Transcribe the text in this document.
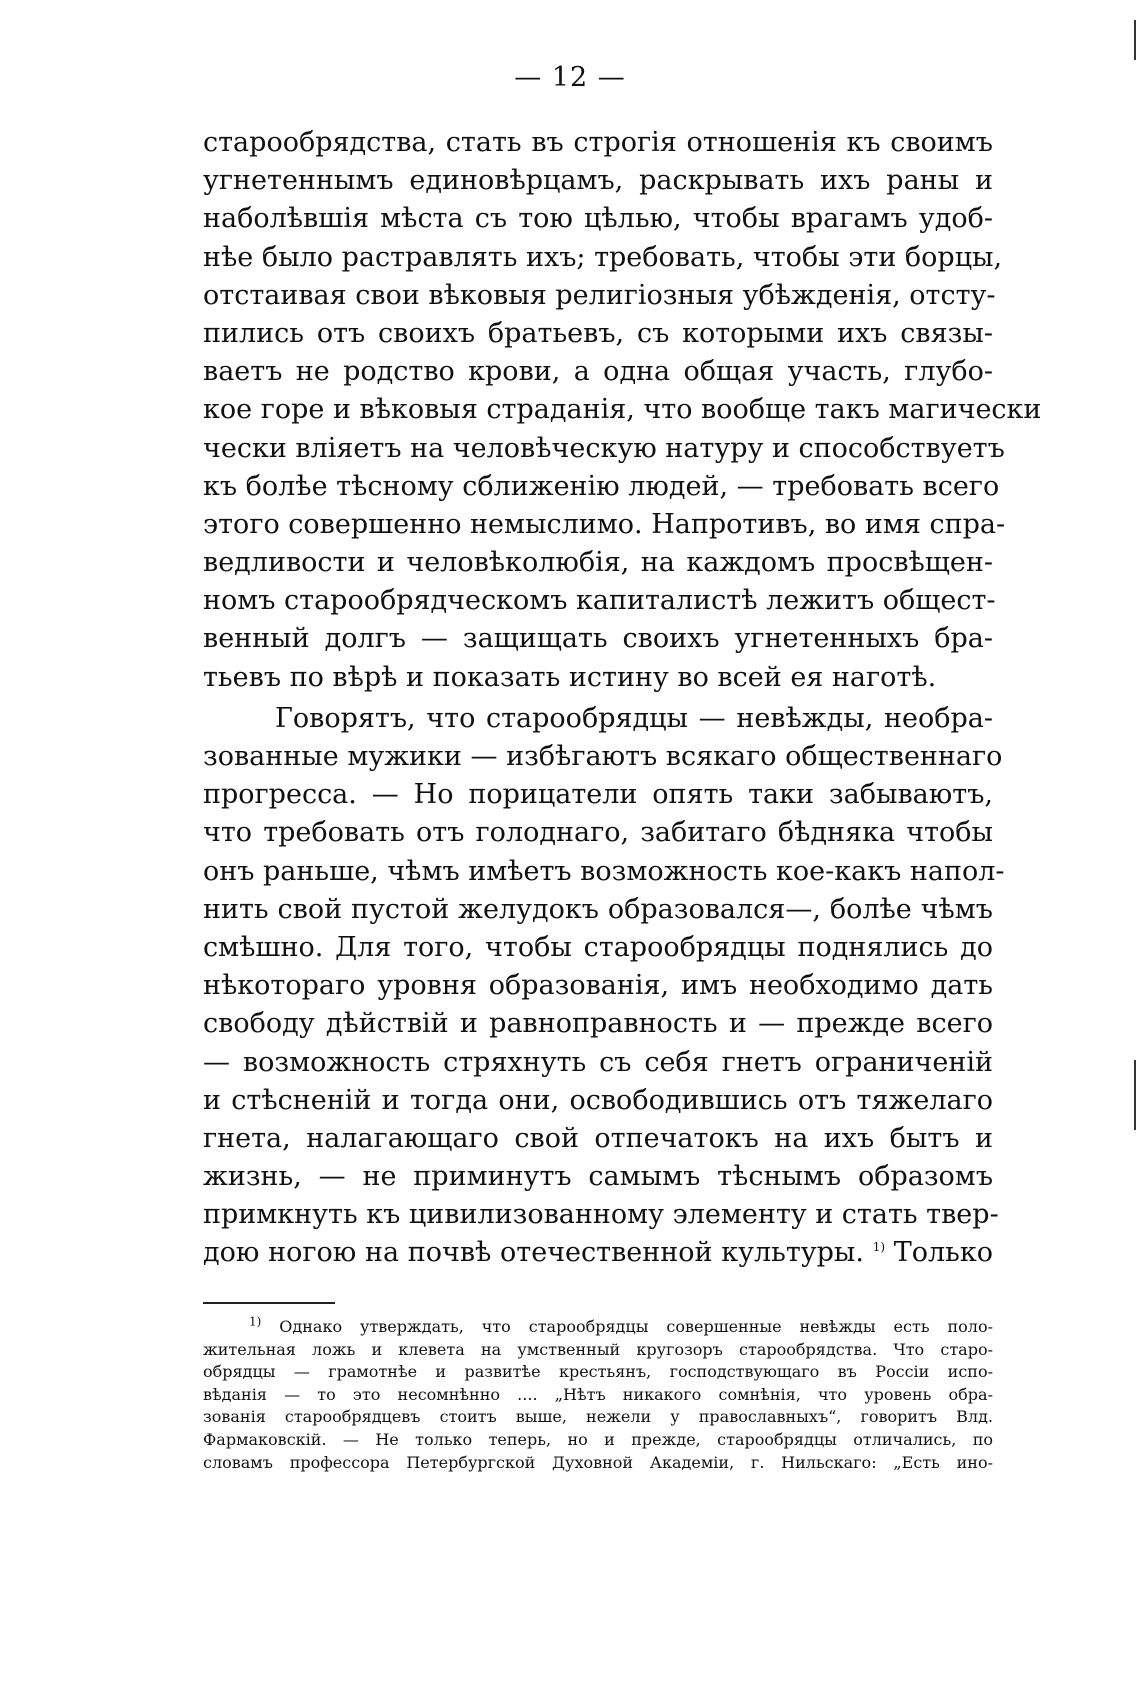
— 12 —
старообрядства, стать въ строгія отношенія къ своимъ
угнетеннымъ единовѣрцамъ, раскрывать ихъ раны и
наболѣвшія мѣста съ тою цѣлью, чтобы врагамъ удоб-
нѣе было растравлять ихъ; требовать, чтобы эти борцы,
отстаивая свои вѣковыя религіозныя убѣжденія, отсту-
пились отъ своихъ братьевъ, съ которыми ихъ связы-
ваетъ не родство крови, а одна общая участь, глубо-
кое горе и вѣковыя страданія, что вообще такъ магически
чески вліяетъ на человѣческую натуру и способствуетъ
къ болѣе тѣсному сближенію людей, — требовать всего
этого совершенно немыслимо. Напротивъ, во имя спра-
ведливости и человѣколюбія, на каждомъ просвѣщен-
номъ старообрядческомъ капиталистѣ лежитъ общест-
венный долгъ — защищать своихъ угнетенныхъ бра-
тьевъ по вѣрѣ и показать истину во всей ея наготѣ.
Говорятъ, что старообрядцы — невѣжды, необра-
зованные мужики — избѣгаютъ всякаго общественнаго
прогресса. — Но порицатели опять таки забываютъ,
что требовать отъ голоднаго, забитаго бѣдняка чтобы
онъ раньше, чѣмъ имѣетъ возможность кое-какъ напол-
нить свой пустой желудокъ образовался—, болѣе чѣмъ
смѣшно. Для того, чтобы старообрядцы поднялись до
нѣкотораго уровня образованія, имъ необходимо дать
свободу дѣйствій и равноправность и — прежде всего
— возможность стряхнуть съ себя гнетъ ограниченій
и стѣсненій и тогда они, освободившись отъ тяжелаго
гнета, налагающаго свой отпечатокъ на ихъ бытъ и
жизнь, — не приминутъ самымъ тѣснымъ образомъ
примкнуть къ цивилизованному элементу и стать твер-
дою ногою на почвѣ отечественной культуры. $^{1)}$ Только
$^{1)}$ Однако утверждать, что старообрядцы совершенные невѣжды есть поло-
жительная ложь и клевета на умственный кругозоръ старообрядства. Что старо-
обрядцы — грамотнѣе и развитѣе крестьянъ, господствующаго въ Россіи испо-
вѣданія — то это несомнѣнно .... „Нѣтъ никакого сомнѣнія, что уровень обра-
зованія старообрядцевъ стоитъ выше, нежели у православныхъ“, говоритъ Влд.
Фармаковскій. — Не только теперь, но и прежде, старообрядцы отличались, по
словамъ профессора Петербургской Духовной Академіи, г. Нильскаго: „Есть ино-
